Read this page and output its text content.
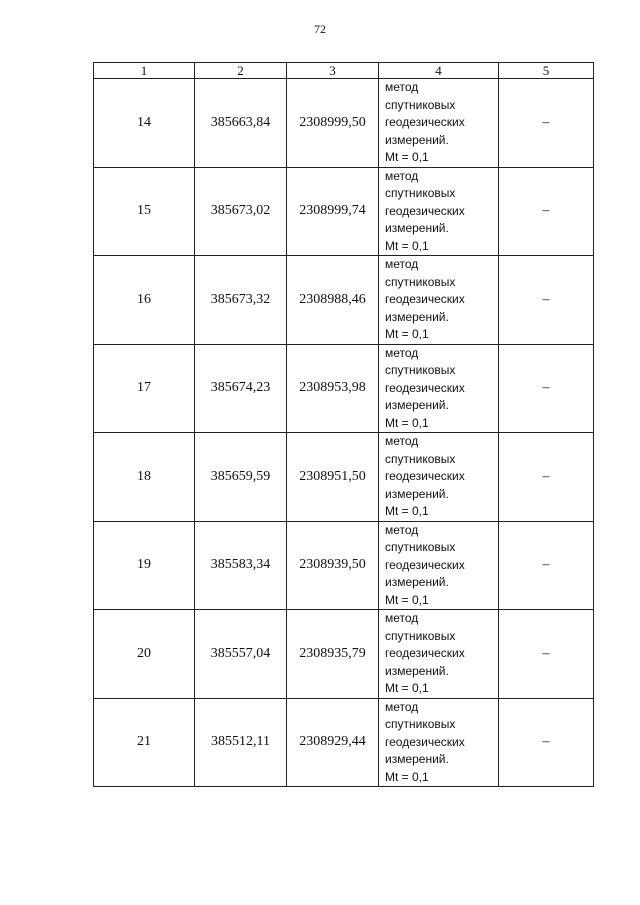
72
1	2	3	4	5
14	385663,84	2308999,50	метод
спутниковых
геодезических
измерений.
Mt = 0,1	–
15	385673,02	2308999,74	метод
спутниковых
геодезических
измерений.
Mt = 0,1	–
16	385673,32	2308988,46	метод
спутниковых
геодезических
измерений.
Mt = 0,1	–
17	385674,23	2308953,98	метод
спутниковых
геодезических
измерений.
Mt = 0,1	–
18	385659,59	2308951,50	метод
спутниковых
геодезических
измерений.
Mt = 0,1	–
19	385583,34	2308939,50	метод
спутниковых
геодезических
измерений.
Mt = 0,1	–
20	385557,04	2308935,79	метод
спутниковых
геодезических
измерений.
Mt = 0,1	–
21	385512,11	2308929,44	метод
спутниковых
геодезических
измерений.
Mt = 0,1	–
